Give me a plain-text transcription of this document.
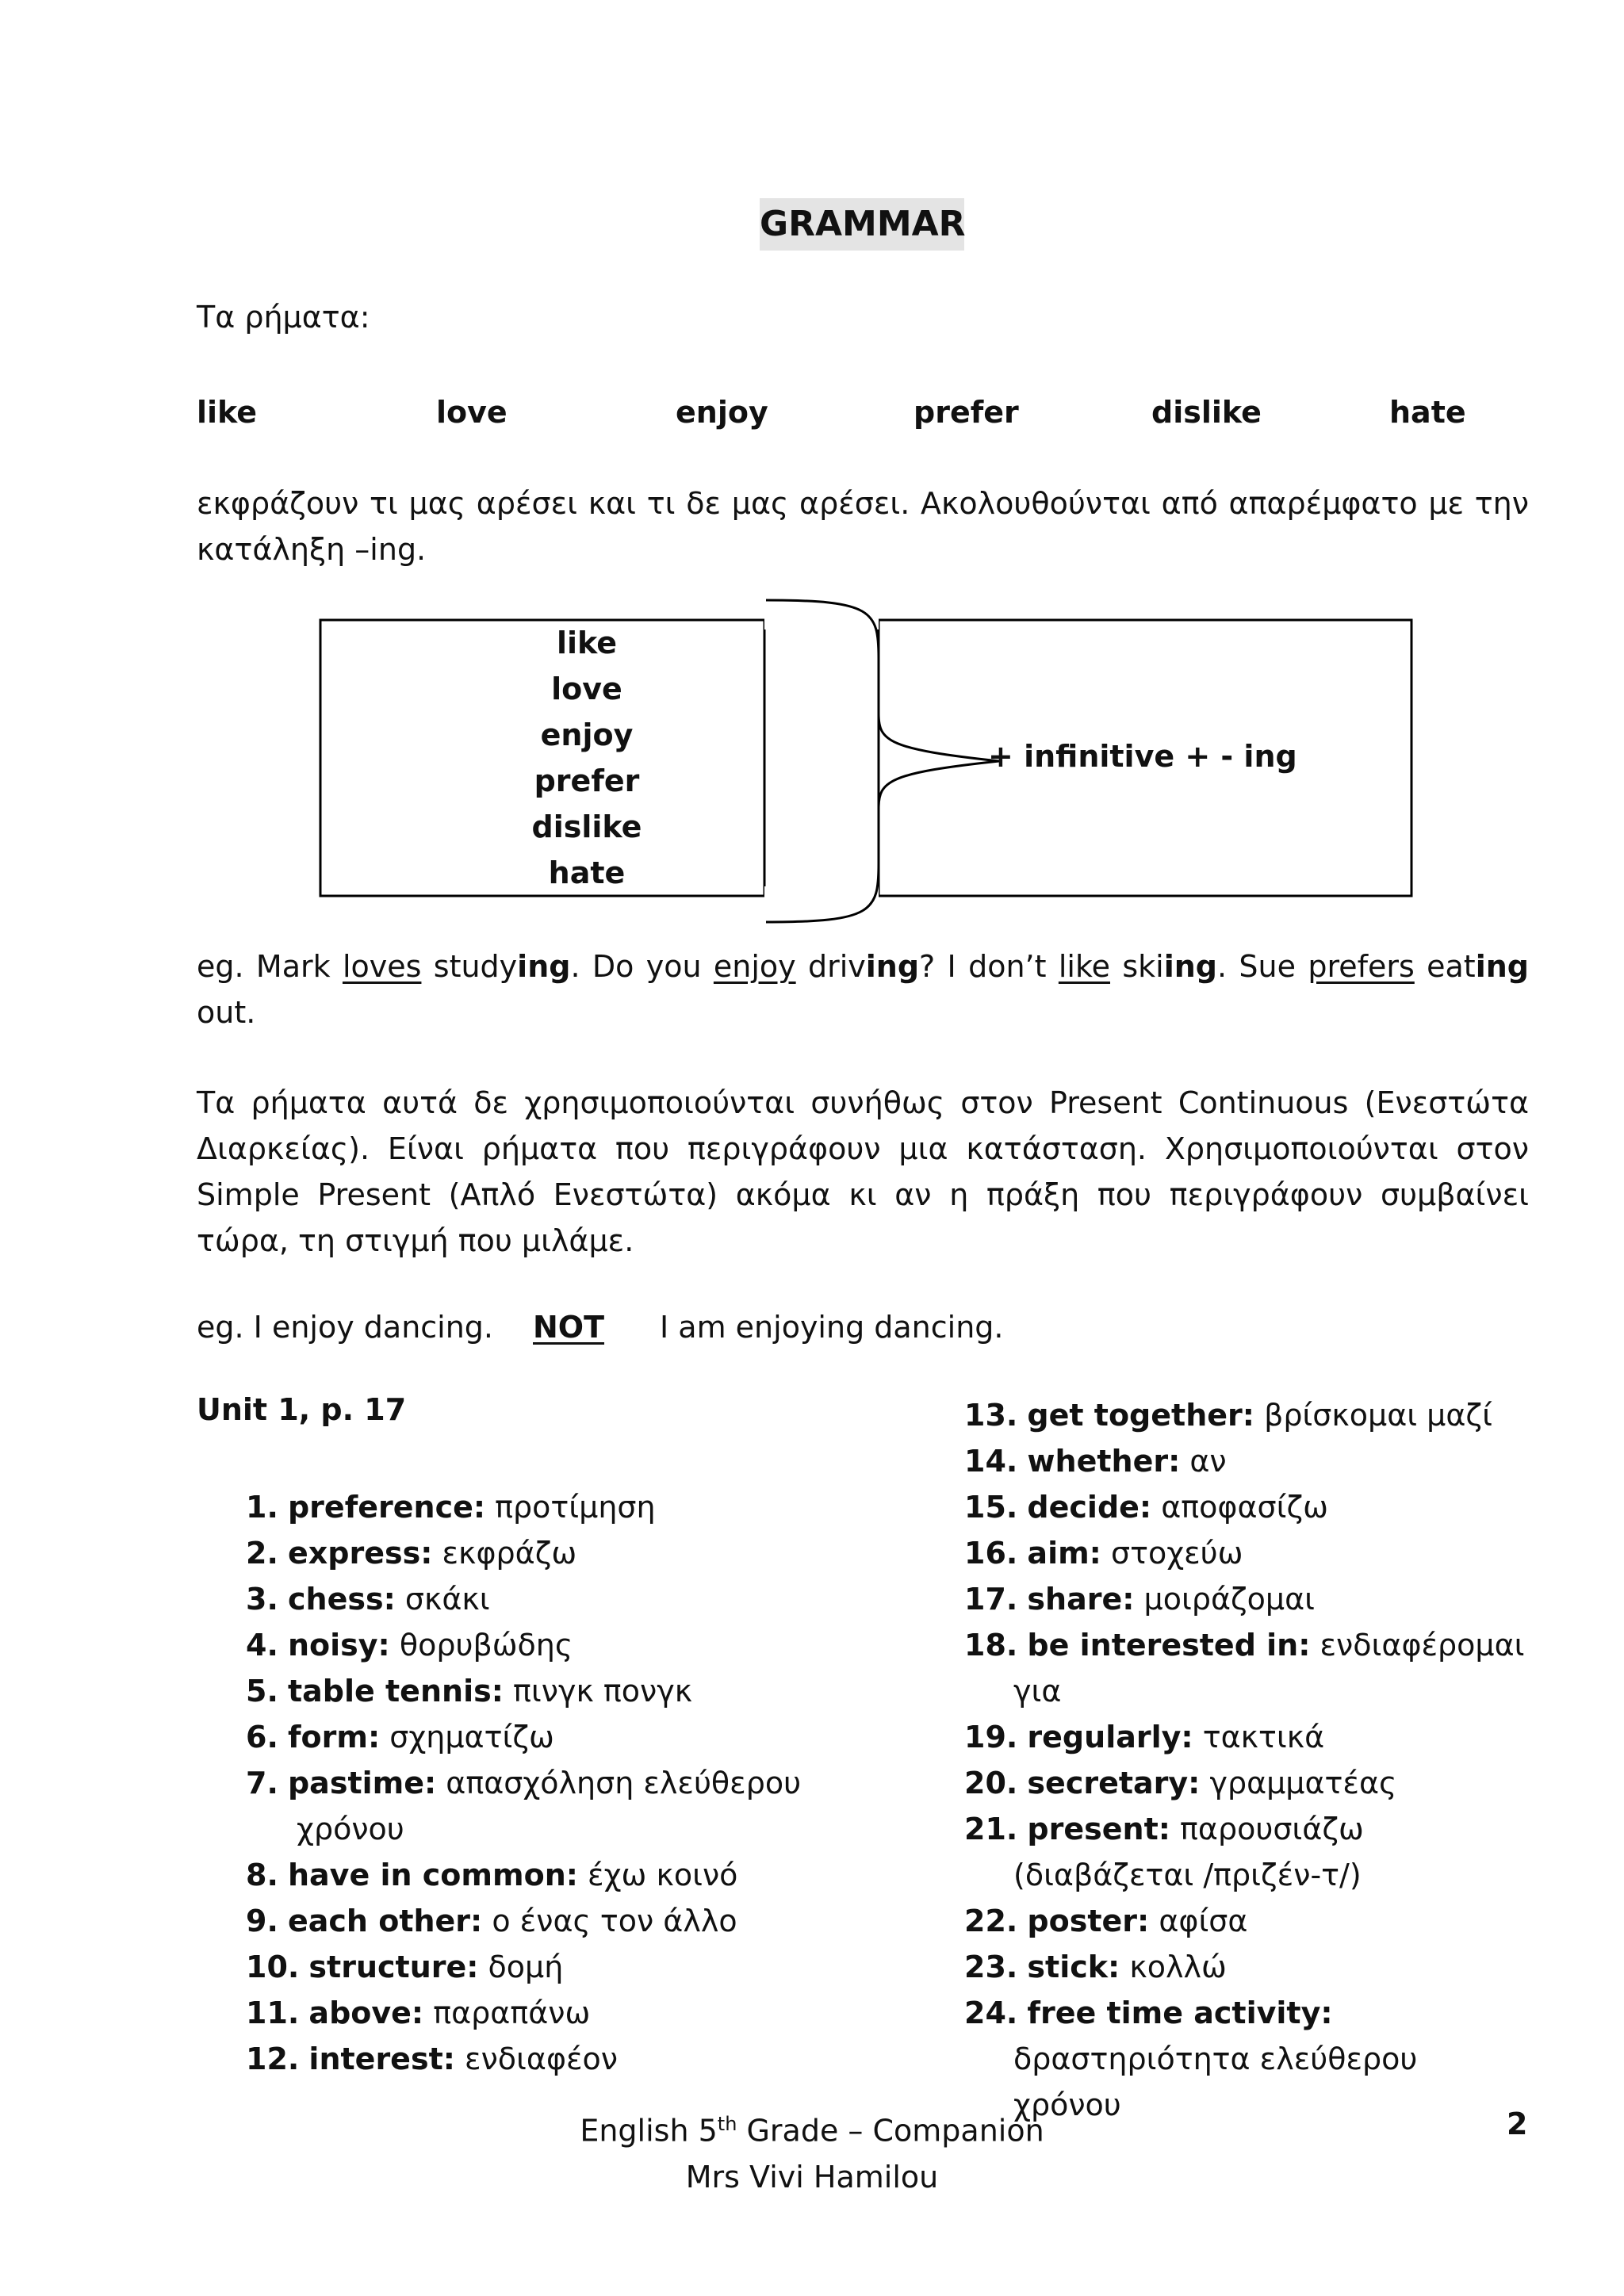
GRAMMAR
Τα ρήματα:
like	love	enjoy	prefer	dislike	hate
εκφράζουν τι μας αρέσει και τι δε μας αρέσει. Ακολουθούνται από απαρέμφατο με την κατάληξη –ing.
like
love
enjoy
prefer
dislike
hate
+ infinitive + - ing
eg. Mark loves studying. Do you enjoy driving? I don’t like skiing. Sue prefers eating out.
Τα ρήματα αυτά δε χρησιμοποιούνται συνήθως στον Present Continuous (Ενεστώτα Διαρκείας). Είναι ρήματα που περιγράφουν μια κατάσταση. Χρησιμοποιούνται στον Simple Present (Απλό Ενεστώτα) ακόμα κι αν η πράξη που περιγράφουν συμβαίνει τώρα, τη στιγμή που μιλάμε.
eg. I enjoy dancing. NOT I am enjoying dancing.
Unit 1, p. 17
1. preference: προτίμηση
2. express: εκφράζω
3. chess: σκάκι
4. noisy: θορυβώδης
5. table tennis: πινγκ πονγκ
6. form: σχηματίζω
7. pastime: απασχόληση ελεύθερου χρόνου
8. have in common: έχω κοινό
9. each other: ο ένας τον άλλο
10. structure: δομή
11. above: παραπάνω
12. interest: ενδιαφέον
13. get together: βρίσκομαι μαζί
14. whether: αν
15. decide: αποφασίζω
16. aim: στοχεύω
17. share: μοιράζομαι
18. be interested in: ενδιαφέρομαι για
19. regularly: τακτικά
20. secretary: γραμματέας
21. present: παρουσιάζω (διαβάζεται /πριζέν-τ/)
22. poster: αφίσα
23. stick: κολλώ
24. free time activity: δραστηριότητα ελεύθερου χρόνου
English 5th Grade – Companion
Mrs Vivi Hamilou
2
